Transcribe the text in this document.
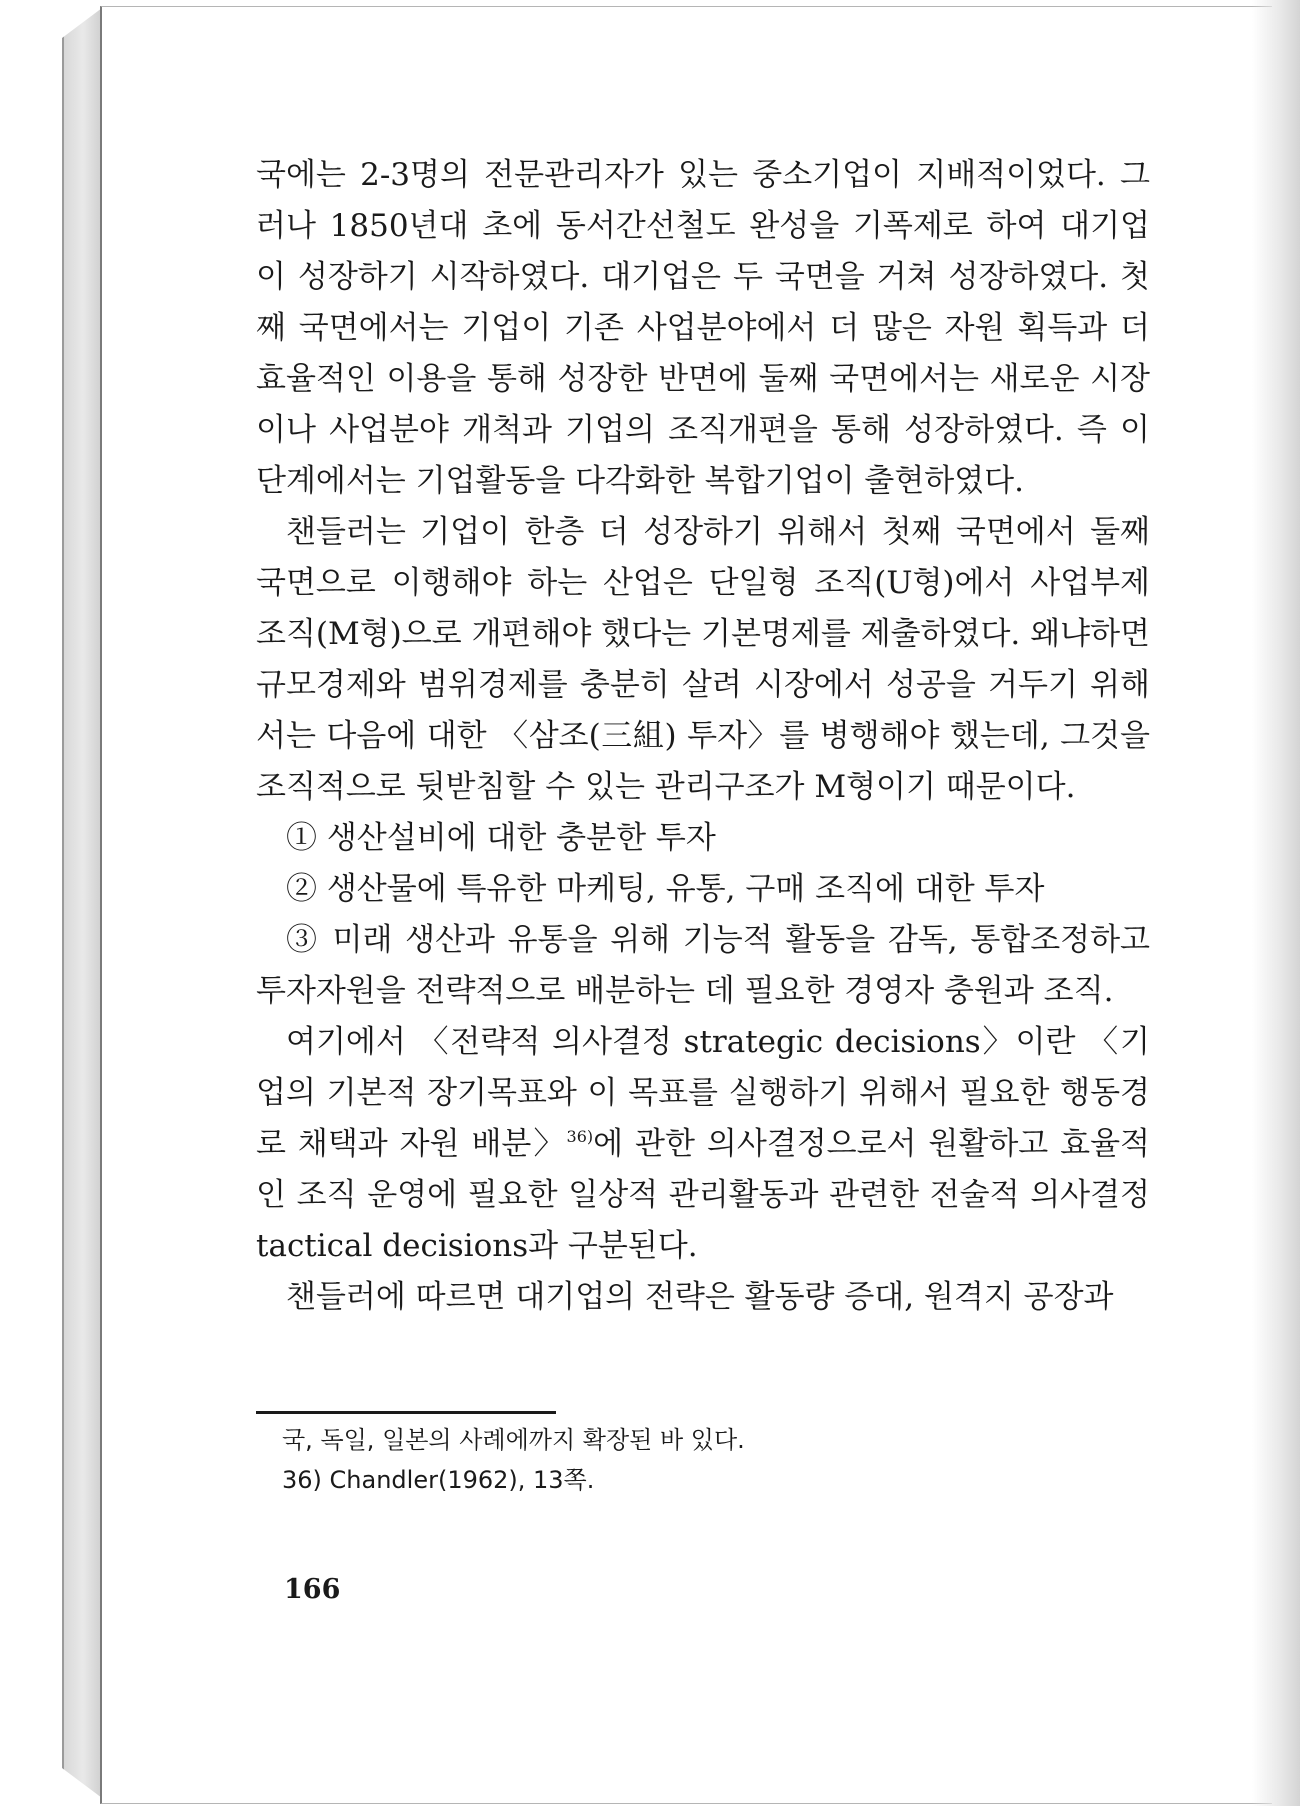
국에는 2-3명의 전문관리자가 있는 중소기업이 지배적이었다. 그러나 1850년대 초에 동서간선철도 완성을 기폭제로 하여 대기업이 성장하기 시작하였다. 대기업은 두 국면을 거쳐 성장하였다. 첫째 국면에서는 기업이 기존 사업분야에서 더 많은 자원 획득과 더 효율적인 이용을 통해 성장한 반면에 둘째 국면에서는 새로운 시장이나 사업분야 개척과 기업의 조직개편을 통해 성장하였다. 즉 이 단계에서는 기업활동을 다각화한 복합기업이 출현하였다.

챈들러는 기업이 한층 더 성장하기 위해서 첫째 국면에서 둘째 국면으로 이행해야 하는 산업은 단일형 조직(U형)에서 사업부제 조직(M형)으로 개편해야 했다는 기본명제를 제출하였다. 왜냐하면 규모경제와 범위경제를 충분히 살려 시장에서 성공을 거두기 위해서는 다음에 대한 〈삼조(三組) 투자〉를 병행해야 했는데, 그것을 조직적으로 뒷받침할 수 있는 관리구조가 M형이기 때문이다.

① 생산설비에 대한 충분한 투자

② 생산물에 특유한 마케팅, 유통, 구매 조직에 대한 투자

③ 미래 생산과 유통을 위해 기능적 활동을 감독, 통합조정하고 투자자원을 전략적으로 배분하는 데 필요한 경영자 충원과 조직.

여기에서 〈전략적 의사결정 strategic decisions〉이란 〈기업의 기본적 장기목표와 이 목표를 실행하기 위해서 필요한 행동경로 채택과 자원 배분〉$^{36)}$에 관한 의사결정으로서 원활하고 효율적인 조직 운영에 필요한 일상적 관리활동과 관련한 전술적 의사결정 tactical decisions과 구분된다.

챈들러에 따르면 대기업의 전략은 활동량 증대, 원격지 공장과

국, 독일, 일본의 사례에까지 확장된 바 있다.

36) Chandler(1962), 13쪽.

166
